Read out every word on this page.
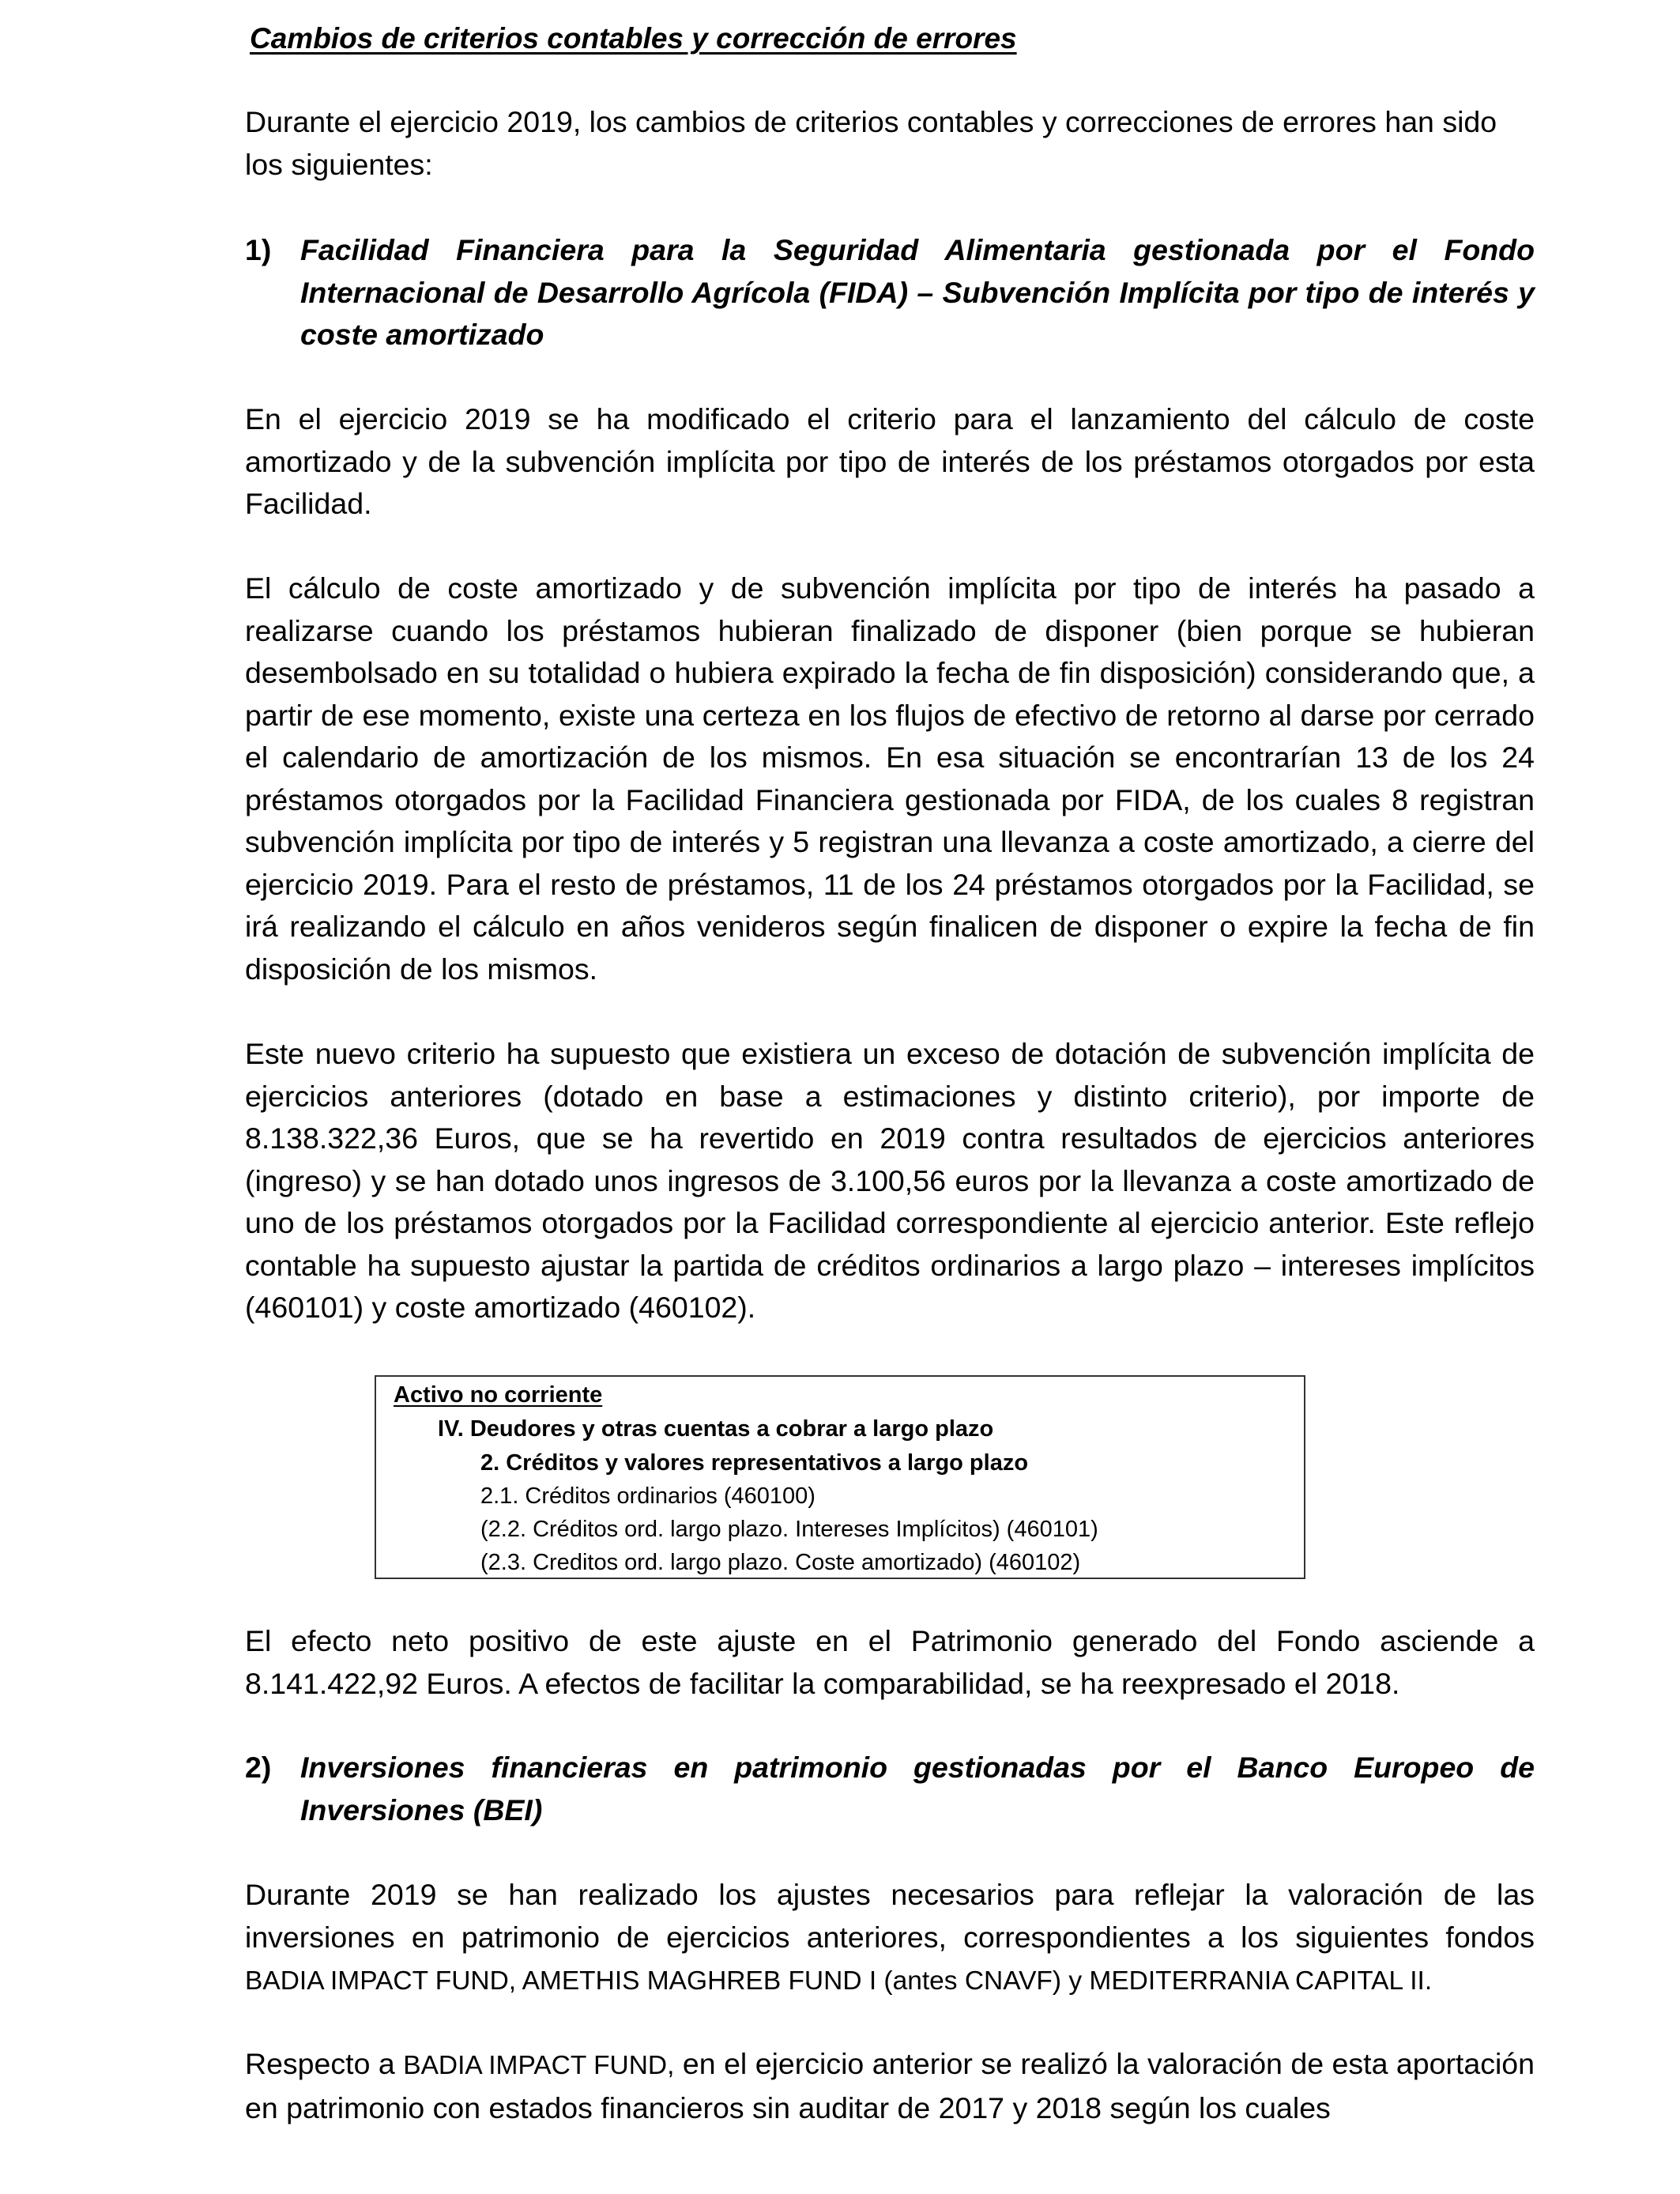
Cambios de criterios contables y corrección de errores
Durante el ejercicio 2019, los cambios de criterios contables y correcciones de errores han sido los siguientes:
1) Facilidad Financiera para la Seguridad Alimentaria gestionada por el Fondo Internacional de Desarrollo Agrícola (FIDA) – Subvención Implícita por tipo de interés y coste amortizado
En el ejercicio 2019 se ha modificado el criterio para el lanzamiento del cálculo de coste amortizado y de la subvención implícita por tipo de interés de los préstamos otorgados por esta Facilidad.
El cálculo de coste amortizado y de subvención implícita por tipo de interés ha pasado a realizarse cuando los préstamos hubieran finalizado de disponer (bien porque se hubieran desembolsado en su totalidad o hubiera expirado la fecha de fin disposición) considerando que, a partir de ese momento, existe una certeza en los flujos de efectivo de retorno al darse por cerrado el calendario de amortización de los mismos. En esa situación se encontrarían 13 de los 24 préstamos otorgados por la Facilidad Financiera gestionada por FIDA, de los cuales 8 registran subvención implícita por tipo de interés y 5 registran una llevanza a coste amortizado, a cierre del ejercicio 2019. Para el resto de préstamos, 11 de los 24 préstamos otorgados por la Facilidad, se irá realizando el cálculo en años venideros según finalicen de disponer o expire la fecha de fin disposición de los mismos.
Este nuevo criterio ha supuesto que existiera un exceso de dotación de subvención implícita de ejercicios anteriores (dotado en base a estimaciones y distinto criterio), por importe de 8.138.322,36 Euros, que se ha revertido en 2019 contra resultados de ejercicios anteriores (ingreso) y se han dotado unos ingresos de 3.100,56 euros por la llevanza a coste amortizado de uno de los préstamos otorgados por la Facilidad correspondiente al ejercicio anterior. Este reflejo contable ha supuesto ajustar la partida de créditos ordinarios a largo plazo – intereses implícitos (460101) y coste amortizado (460102).
Activo no corriente
IV. Deudores y otras cuentas a cobrar a largo plazo
2. Créditos y valores representativos a largo plazo
2.1. Créditos ordinarios (460100)
(2.2. Créditos ord. largo plazo. Intereses Implícitos) (460101)
(2.3. Creditos ord. largo plazo. Coste amortizado) (460102)
El efecto neto positivo de este ajuste en el Patrimonio generado del Fondo asciende a 8.141.422,92 Euros. A efectos de facilitar la comparabilidad, se ha reexpresado el 2018.
2) Inversiones financieras en patrimonio gestionadas por el Banco Europeo de Inversiones (BEI)
Durante 2019 se han realizado los ajustes necesarios para reflejar la valoración de las inversiones en patrimonio de ejercicios anteriores, correspondientes a los siguientes fondos BADIA IMPACT FUND, AMETHIS MAGHREB FUND I (antes CNAVF) y MEDITERRANIA CAPITAL II.
Respecto a BADIA IMPACT FUND, en el ejercicio anterior se realizó la valoración de esta aportación en patrimonio con estados financieros sin auditar de 2017 y 2018 según los cuales
